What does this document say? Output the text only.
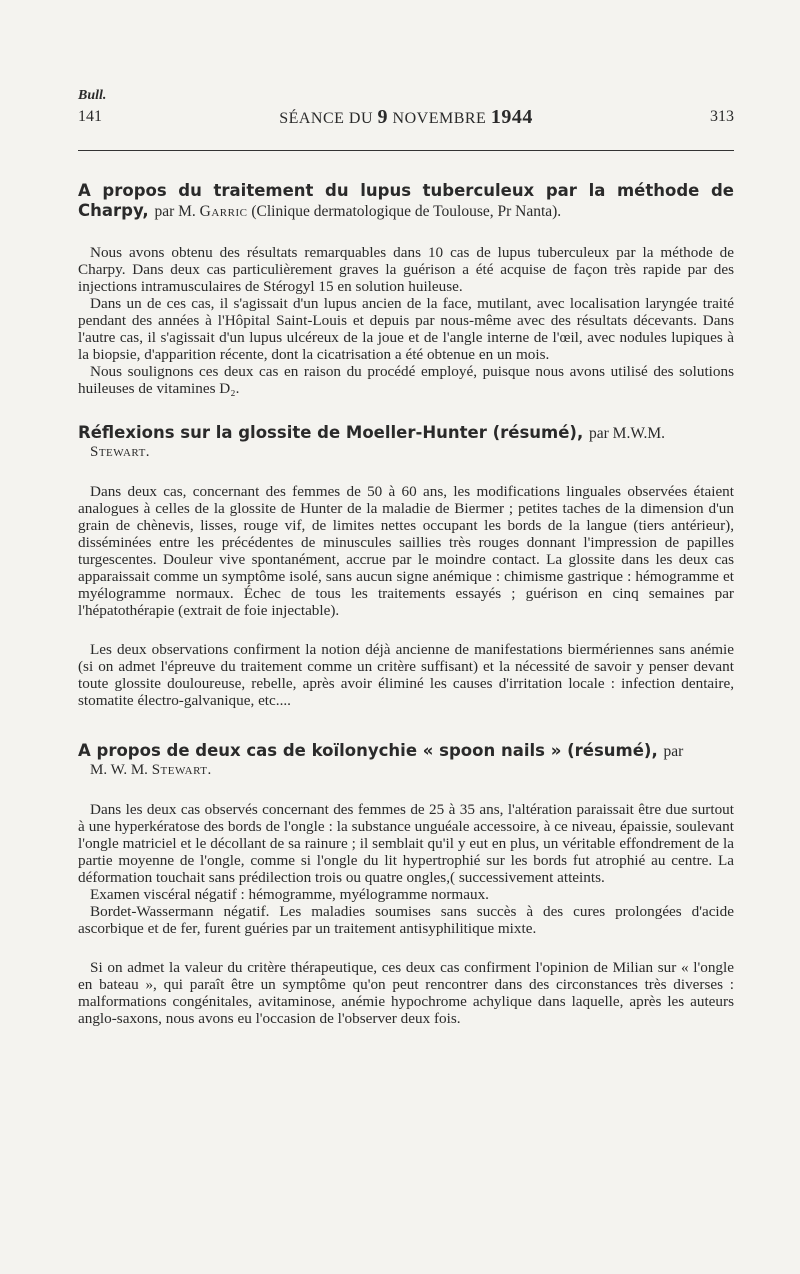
Bull.
141	SÉANCE DU 9 NOVEMBRE 1944	313
A propos du traitement du lupus tuberculeux par la méthode de Charpy, par M. Garric (Clinique dermatologique de Toulouse, Pr Nanta).

Nous avons obtenu des résultats remarquables dans 10 cas de lupus tuberculeux par la méthode de Charpy. Dans deux cas particulièrement graves la guérison a été acquise de façon très rapide par des injections intramusculaires de Stérogyl 15 en solution huileuse.

Dans un de ces cas, il s'agissait d'un lupus ancien de la face, mutilant, avec localisation laryngée traité pendant des années à l'Hôpital Saint-Louis et depuis par nous-même avec des résultats décevants. Dans l'autre cas, il s'agissait d'un lupus ulcéreux de la joue et de l'angle interne de l'œil, avec nodules lupiques à la biopsie, d'apparition récente, dont la cicatrisation a été obtenue en un mois.

Nous soulignons ces deux cas en raison du procédé employé, puisque nous avons utilisé des solutions huileuses de vitamines D₂.

Réflexions sur la glossite de Moeller-Hunter (résumé), par M.W.M.
Stewart.

Dans deux cas, concernant des femmes de 50 à 60 ans, les modifications linguales observées étaient analogues à celles de la glossite de Hunter de la maladie de Biermer ; petites taches de la dimension d'un grain de chènevis, lisses, rouge vif, de limites nettes occupant les bords de la langue (tiers antérieur), disséminées entre les précédentes de minuscules saillies très rouges donnant l'impression de papilles turgescentes. Douleur vive spontanément, accrue par le moindre contact. La glossite dans les deux cas apparaissait comme un symptôme isolé, sans aucun signe anémique : chimisme gastrique : hémogramme et myélogramme normaux. Échec de tous les traitements essayés ; guérison en cinq semaines par l'hépatothérapie (extrait de foie injectable).

Les deux observations confirment la notion déjà ancienne de manifestations biermériennes sans anémie (si on admet l'épreuve du traitement comme un critère suffisant) et la nécessité de savoir y penser devant toute glossite douloureuse, rebelle, après avoir éliminé les causes d'irritation locale : infection dentaire, stomatite électro-galvanique, etc....

A propos de deux cas de koïlonychie « spoon nails » (résumé), par
M. W. M. Stewart.

Dans les deux cas observés concernant des femmes de 25 à 35 ans, l'altération paraissait être due surtout à une hyperkératose des bords de l'ongle : la substance unguéale accessoire, à ce niveau, épaissie, soulevant l'ongle matriciel et le décollant de sa rainure ; il semblait qu'il y eut en plus, un véritable effondrement de la partie moyenne de l'ongle, comme si l'ongle du lit hypertrophié sur les bords fut atrophié au centre. La déformation touchait sans prédilection trois ou quatre ongles,( successivement atteints.

Examen viscéral négatif : hémogramme, myélogramme normaux.

Bordet-Wassermann négatif. Les maladies soumises sans succès à des cures prolongées d'acide ascorbique et de fer, furent guéries par un traitement antisyphilitique mixte.

Si on admet la valeur du critère thérapeutique, ces deux cas confirment l'opinion de Milian sur « l'ongle en bateau », qui paraît être un symptôme qu'on peut rencontrer dans des circonstances très diverses : malformations congénitales, avitaminose, anémie hypochrome achylique dans laquelle, après les auteurs anglo-saxons, nous avons eu l'occasion de l'observer deux fois.
